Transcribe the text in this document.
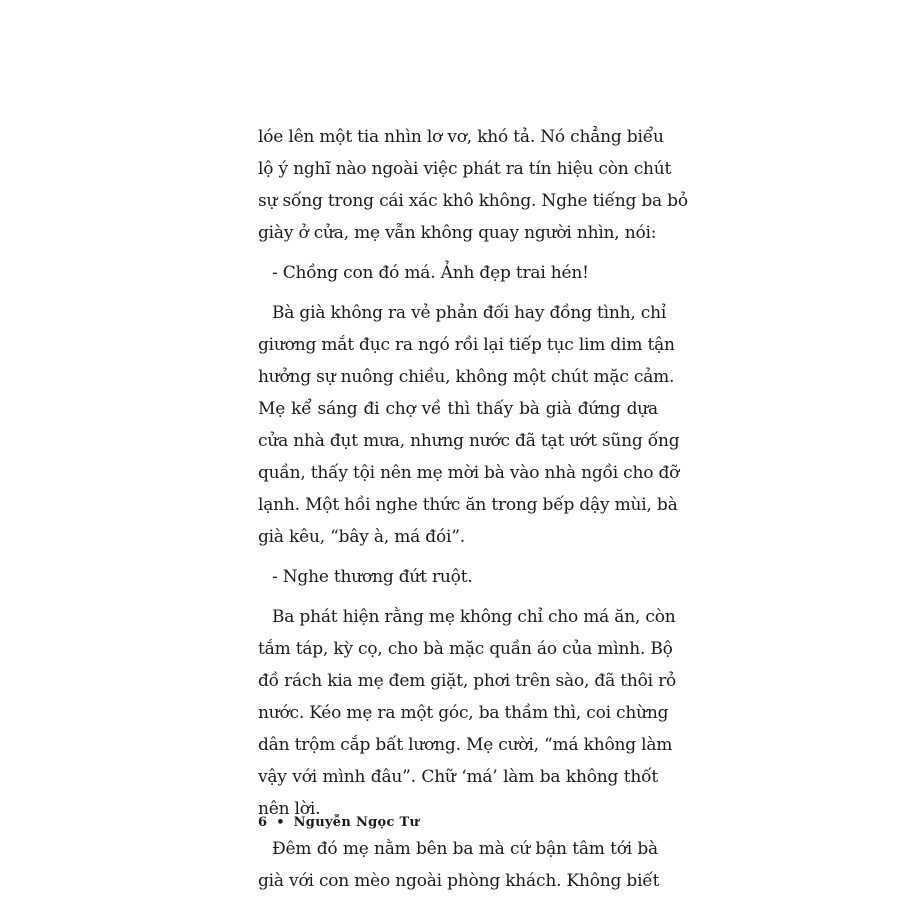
lóe lên một tia nhìn lơ vơ, khó tả. Nó chẳng biểu
lộ ý nghĩ nào ngoài việc phát ra tín hiệu còn chút
sự sống trong cái xác khô không. Nghe tiếng ba bỏ
giày ở cửa, mẹ vẫn không quay người nhìn, nói:
- Chồng con đó má. Ảnh đẹp trai hén!
Bà già không ra vẻ phản đối hay đồng tình, chỉ
giương mắt đục ra ngó rồi lại tiếp tục lim dim tận
hưởng sự nuông chiều, không một chút mặc cảm.
Mẹ kể sáng đi chợ về thì thấy bà già đứng dựa
cửa nhà đụt mưa, nhưng nước đã tạt ướt sũng ống
quần, thấy tội nên mẹ mời bà vào nhà ngồi cho đỡ
lạnh. Một hồi nghe thức ăn trong bếp dậy mùi, bà
già kêu, “bây à, má đói”.
- Nghe thương đứt ruột.
Ba phát hiện rằng mẹ không chỉ cho má ăn, còn
tắm táp, kỳ cọ, cho bà mặc quần áo của mình. Bộ
đồ rách kia mẹ đem giặt, phơi trên sào, đã thôi rỏ
nước. Kéo mẹ ra một góc, ba thầm thì, coi chừng
dân trộm cắp bất lương. Mẹ cười, “má không làm
vậy với mình đâu”. Chữ ‘má’ làm ba không thốt
nên lời.
Đêm đó mẹ nằm bên ba mà cứ bận tâm tới bà
già với con mèo ngoài phòng khách. Không biết
6 • Nguyễn Ngọc Tư
